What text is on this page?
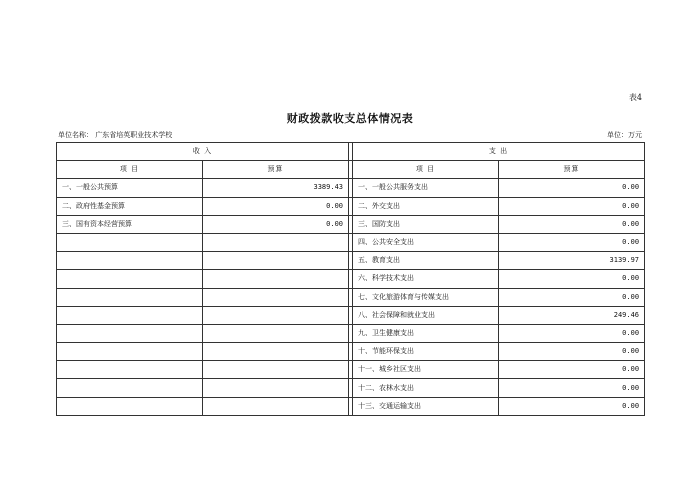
表4
财政拨款收支总体情况表
单位名称： 广东省培英职业技术学校	单位：万元
收 入			支 出	
项 目	预算		项 目	预算
一、一般公共预算	3389.43		一、一般公共服务支出	0.00
二、政府性基金预算	0.00		二、外交支出	0.00
三、国有资本经营预算	0.00		三、国防支出	0.00
			四、公共安全支出	0.00
			五、教育支出	3139.97
			六、科学技术支出	0.00
			七、文化旅游体育与传媒支出	0.00
			八、社会保障和就业支出	249.46
			九、卫生健康支出	0.00
			十、节能环保支出	0.00
			十一、城乡社区支出	0.00
			十二、农林水支出	0.00
			十三、交通运输支出	0.00
